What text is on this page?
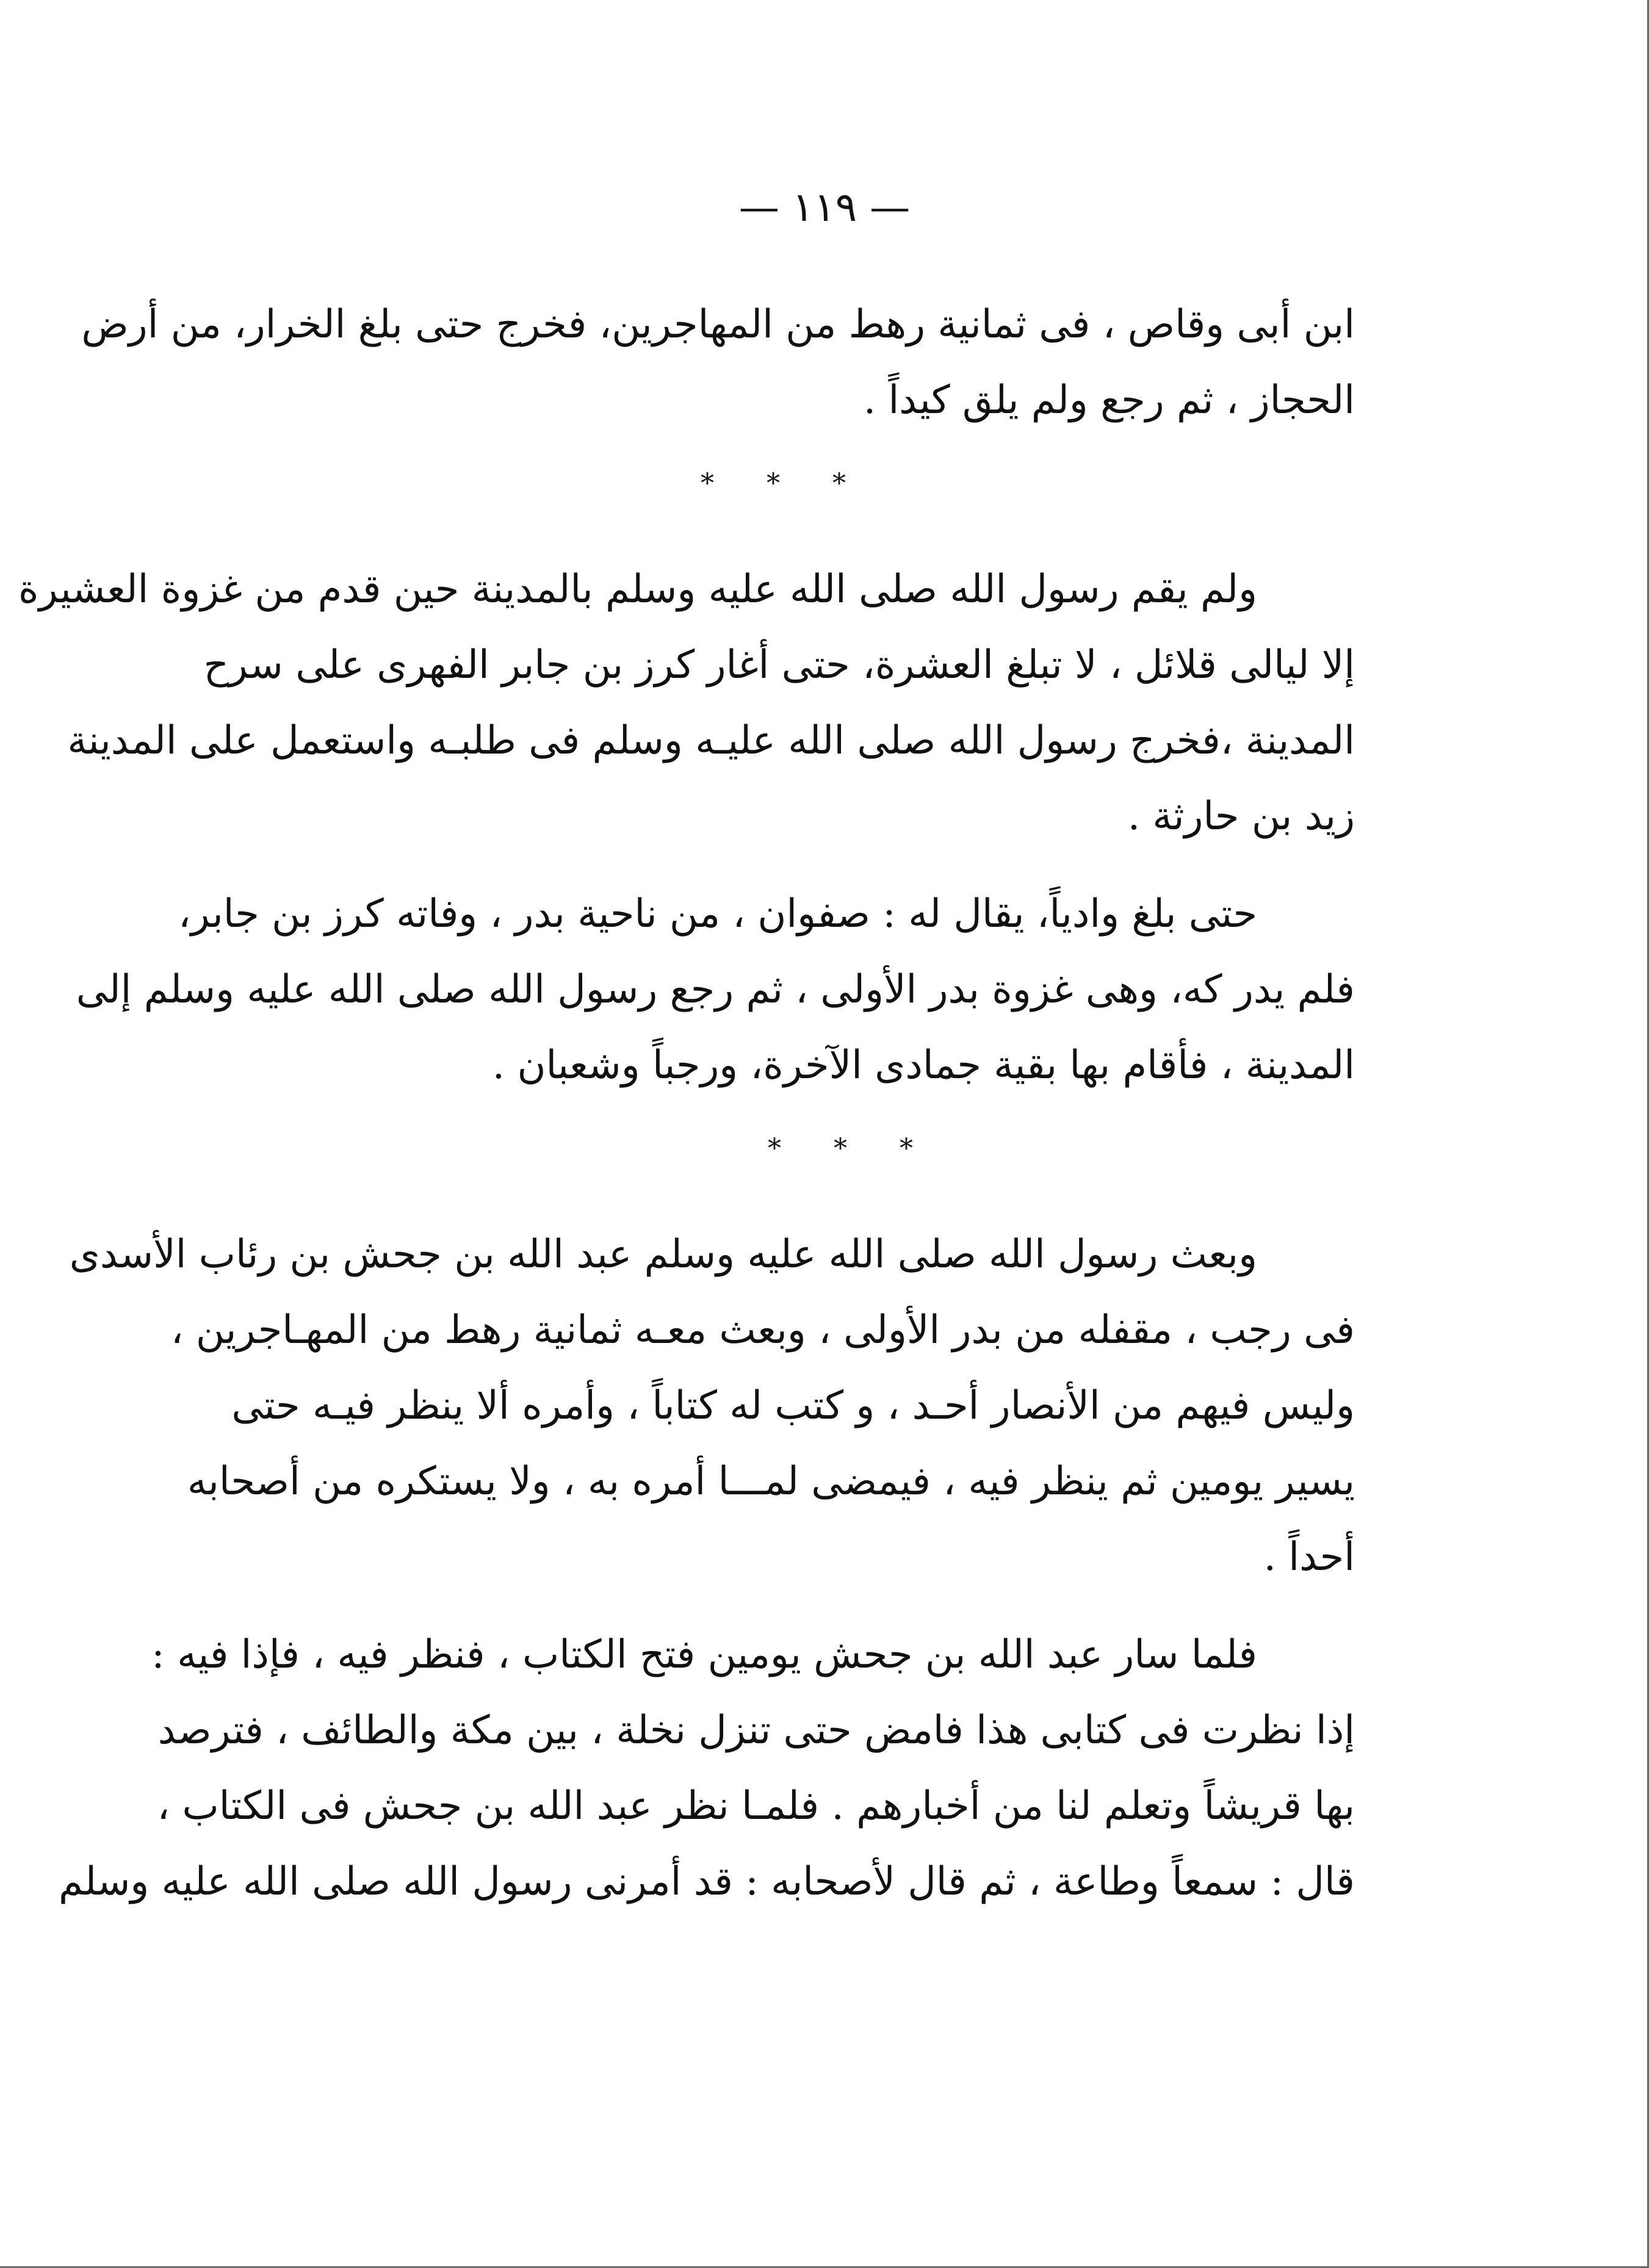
— ١١٩ —
ابن أبى وقاص ، فى ثمانية رهط من المهاجرين، فخرج حتى بلغ الخرار، من أرض
الحجاز ، ثم رجع ولم يلق كيداً .
* * *
ولم يقم رسول الله صلى الله عليه وسلم بالمدينة حين قدم من غزوة العشيرة
إلا ليالى قلائل ، لا تبلغ العشرة، حتى أغار كرز بن جابر الفهرى على سرح
المدينة ،فخرج رسول الله صلى الله عليـه وسلم فى طلبـه واستعمل على المدينة
زيد بن حارثة .
حتى بلغ وادياً، يقال له : صفوان ، من ناحية بدر ، وفاته كرز بن جابر،
فلم يدر كه، وهى غزوة بدر الأولى ، ثم رجع رسول الله صلى الله عليه وسلم إلى
المدينة ، فأقام بها بقية جمادى الآخرة، ورجباً وشعبان .
* * *
وبعث رسول الله صلى الله عليه وسلم عبد الله بن جحش بن رئاب الأسدى
فى رجب ، مقفله من بدر الأولى ، وبعث معـه ثمانية رهط من المهـاجرين ،
وليس فيهم من الأنصار أحـد ، و كتب له كتاباً ، وأمره ألا ينظر فيـه حتى
يسير يومين ثم ينظر فيه ، فيمضى لمـــا أمره به ، ولا يستكره من أصحابه
أحداً .
فلما سار عبد الله بن جحش يومين فتح الكتاب ، فنظر فيه ، فإذا فيه :
إذا نظرت فى كتابى هذا فامض حتى تنزل نخلة ، بين مكة والطائف ، فترصد
بها قريشاً وتعلم لنا من أخبارهم . فلمـا نظر عبد الله بن جحش فى الكتاب ،
قال : سمعاً وطاعة ، ثم قال لأصحابه : قد أمرنى رسول الله صلى الله عليه وسلم
